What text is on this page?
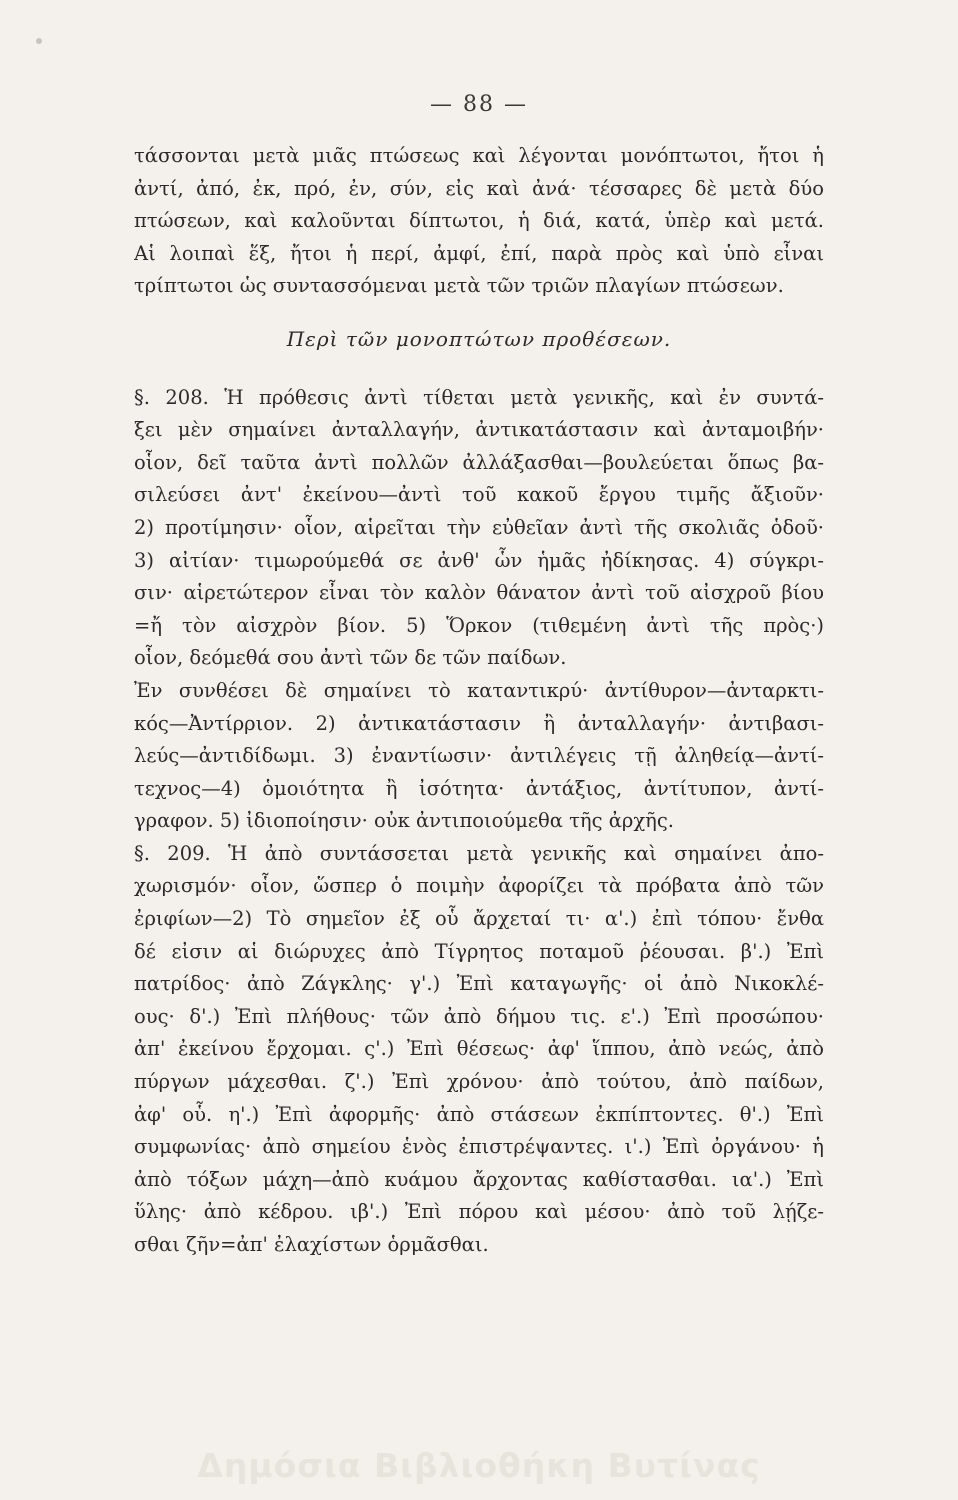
— 88 —
τάσσονται μετὰ μιᾶς πτώσεως καὶ λέγονται μονόπτωτοι, ἤτοι ἡ
ἀντί, ἀπό, ἐκ, πρό, ἐν, σύν, εἰς καὶ ἀνά· τέσσαρες δὲ μετὰ δύο
πτώσεων, καὶ καλοῦνται δίπτωτοι, ἡ διά, κατά, ὑπὲρ καὶ μετά.
Αἱ λοιπαὶ ἕξ, ἤτοι ἡ περί, ἀμφί, ἐπί, παρὰ πρὸς καὶ ὑπὸ εἶναι
τρίπτωτοι ὡς συντασσόμεναι μετὰ τῶν τριῶν πλαγίων πτώσεων.
Περὶ τῶν μονοπτώτων προθέσεων.
§. 208. Ἡ πρόθεσις ἀντὶ τίθεται μετὰ γενικῆς, καὶ ἐν συντά-
ξει μὲν σημαίνει ἀνταλλαγήν, ἀντικατάστασιν καὶ ἀνταμοιβήν·
οἷον, δεῖ ταῦτα ἀντὶ πολλῶν ἀλλάξασθαι—βουλεύεται ὅπως βα-
σιλεύσει ἀντ' ἐκείνου—ἀντὶ τοῦ κακοῦ ἔργου τιμῆς ἄξιοῦν·
2) προτίμησιν· οἷον, αἱρεῖται τὴν εὐθεῖαν ἀντὶ τῆς σκολιᾶς ὁδοῦ·
3) αἰτίαν· τιμωρούμεθά σε ἀνθ' ὧν ἡμᾶς ἠδίκησας. 4) σύγκρι-
σιν· αἱρετώτερον εἶναι τὸν καλὸν θάνατον ἀντὶ τοῦ αἰσχροῦ βίου
=ἤ τὸν αἰσχρὸν βίον. 5) Ὅρκον (τιθεμένη ἀντὶ τῆς πρὸς·)
οἷον, δεόμεθά σου ἀντὶ τῶν δε τῶν παίδων.
Ἐν συνθέσει δὲ σημαίνει τὸ καταντικρύ· ἀντίθυρον—ἀνταρκτι-
κός—Ἀντίρριον. 2) ἀντικατάστασιν ἢ ἀνταλλαγήν· ἀντιβασι-
λεύς—ἀντιδίδωμι. 3) ἐναντίωσιν· ἀντιλέγεις τῇ ἀληθείᾳ—ἀντί-
τεχνος—4) ὁμοιότητα ἢ ἰσότητα· ἀντάξιος, ἀντίτυπον, ἀντί-
γραφον. 5) ἰδιοποίησιν· οὐκ ἀντιποιούμεθα τῆς ἀρχῆς.
§. 209. Ἡ ἀπὸ συντάσσεται μετὰ γενικῆς καὶ σημαίνει ἀπο-
χωρισμόν· οἷον, ὥσπερ ὁ ποιμὴν ἀφορίζει τὰ πρόβατα ἀπὸ τῶν
ἐριφίων—2) Τὸ σημεῖον ἐξ οὗ ἄρχεταί τι· α'.) ἐπὶ τόπου· ἔνθα
δέ εἰσιν αἱ διώρυχες ἀπὸ Τίγρητος ποταμοῦ ῥέουσαι. β'.) Ἐπὶ
πατρίδος· ἀπὸ Ζάγκλης· γ'.) Ἐπὶ καταγωγῆς· οἱ ἀπὸ Νικοκλέ-
ους· δ'.) Ἐπὶ πλήθους· τῶν ἀπὸ δήμου τις. ε'.) Ἐπὶ προσώπου·
ἀπ' ἐκείνου ἔρχομαι. ς'.) Ἐπὶ θέσεως· ἀφ' ἵππου, ἀπὸ νεώς, ἀπὸ
πύργων μάχεσθαι. ζ'.) Ἐπὶ χρόνου· ἀπὸ τούτου, ἀπὸ παίδων,
ἀφ' οὗ. η'.) Ἐπὶ ἀφορμῆς· ἀπὸ στάσεων ἐκπίπτοντες. θ'.) Ἐπὶ
συμφωνίας· ἀπὸ σημείου ἑνὸς ἐπιστρέψαντες. ι'.) Ἐπὶ ὀργάνου· ἡ
ἀπὸ τόξων μάχη—ἀπὸ κυάμου ἄρχοντας καθίστασθαι. ια'.) Ἐπὶ
ὕλης· ἀπὸ κέδρου. ιβ'.) Ἐπὶ πόρου καὶ μέσου· ἀπὸ τοῦ λῄζε-
σθαι ζῆν=ἀπ' ἐλαχίστων ὁρμᾶσθαι.
Δημόσια Βιβλιοθήκη Βυτίνας
